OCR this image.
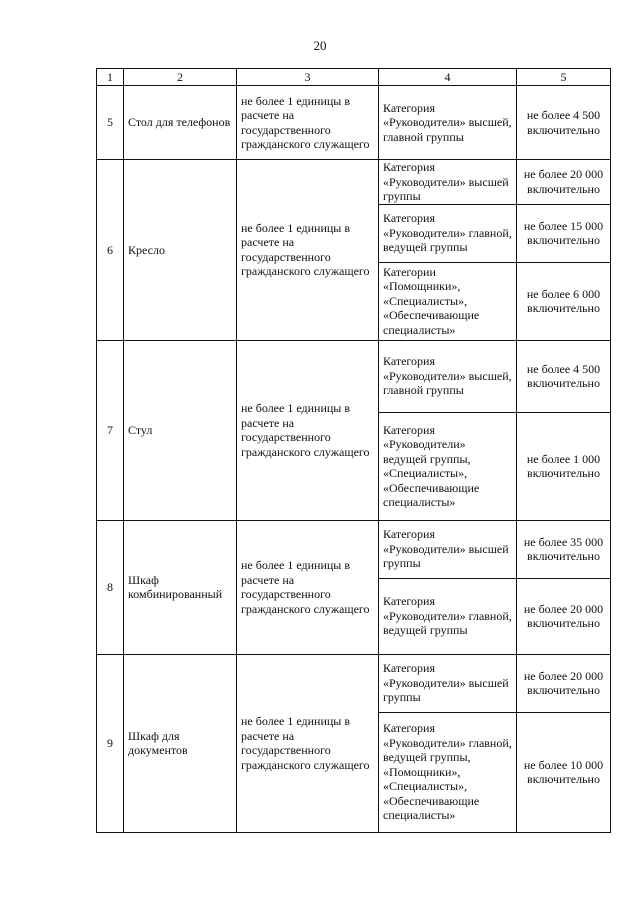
20
1	2	3	4	5
5	Стол для телефонов	не более 1 единицы в расчете на государственного гражданского служащего	Категория «Руководители» высшей, главной группы	не более 4 500 включительно
6	Кресло	не более 1 единицы в расчете на государственного гражданского служащего	Категория «Руководители» высшей группы	не более 20 000 включительно
			Категория «Руководители» главной, ведущей группы	не более 15 000 включительно
			Категории «Помощники», «Специалисты», «Обеспечивающие специалисты»	не более 6 000 включительно
7	Стул	не более 1 единицы в расчете на государственного гражданского служащего	Категория «Руководители» высшей, главной группы	не более 4 500 включительно
			Категория «Руководители» ведущей группы, «Специалисты», «Обеспечивающие специалисты»	не более 1 000 включительно
8	Шкаф комбинированный	не более 1 единицы в расчете на государственного гражданского служащего	Категория «Руководители» высшей группы	не более 35 000 включительно
			Категория «Руководители» главной, ведущей группы	не более 20 000 включительно
9	Шкаф для документов	не более 1 единицы в расчете на государственного гражданского служащего	Категория «Руководители» высшей группы	не более 20 000 включительно
			Категория «Руководители» главной, ведущей группы, «Помощники», «Специалисты», «Обеспечивающие специалисты»	не более 10 000 включительно
